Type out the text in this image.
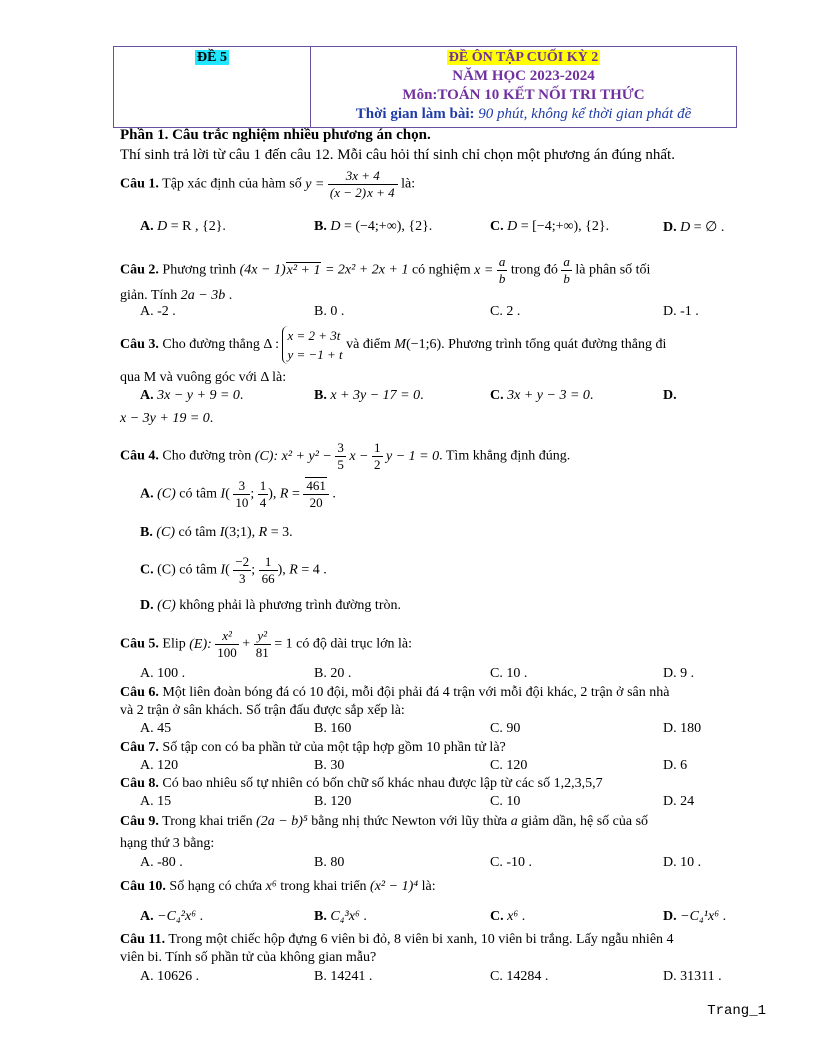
ĐỀ 5	ĐỀ ÔN TẬP CUỐI KỲ 2
NĂM HỌC 2023-2024
Môn:TOÁN 10 KẾT NỐI TRI THỨC
Thời gian làm bài: 90 phút, không kể thời gian phát đề
Phần 1. Câu trắc nghiệm nhiều phương án chọn.
Thí sinh trả lời từ câu 1 đến câu 12. Mỗi câu hỏi thí sinh chỉ chọn một phương án đúng nhất.
Câu 1. Tập xác định của hàm số $y = \frac{3x + 4}{(x - 2)x + 4}$ là:
A. D = R , {2}.	B. D = (−4;+∞), {2}.	C. D = [−4;+∞), {2}.	D. D = ∅ .
Câu 2. Phương trình (4x − 1)x² + 1 = 2x² + 2x + 1 có nghiệm $x = \frac{a}{b}$ trong đó $\frac{a}{b}$ là phân số tối
giản. Tính 2a − 3b .
A. -2 .	B. 0 .	C. 2 .	D. -1 .
Câu 3. Cho đường thẳng Δ : x = 2 + 3t
y = −1 + t và điểm M(−1;6). Phương trình tổng quát đường thẳng đi
qua M và vuông góc với Δ là:
A. 3x − y + 9 = 0.	B. x + 3y − 17 = 0.	C. 3x + y − 3 = 0.	D.
x − 3y + 19 = 0.
Câu 4. Cho đường tròn (C): $x^2 + y^2 - \frac{3}{5}$ $x - \frac{1}{2}$ y − 1 = 0. Tìm khẳng định đúng.
A. (C) có tâm $I( \frac{3}{10}$ ; $\frac{1}{4}$ ), $R = \frac{461}{20}$ .
B. (C) có tâm I(3;1), R = 3.
C. (C) có tâm $I( \frac{-2}{3}$ ; $\frac{1}{66}$ ), R = 4 .
D. (C) không phải là phương trình đường tròn.
Câu 5. Elip (E): $\frac{\text{x²}}{100} + \frac{\text{y²}}{81} = 1$ có độ dài trục lớn là:
A. 100 .	B. 20 .	C. 10 .	D. 9 .
Câu 6. Một liên đoàn bóng đá có 10 đội, mỗi đội phải đá 4 trận với mỗi đội khác, 2 trận ở sân nhà
và 2 trận ở sân khách. Số trận đấu được sắp xếp là:
A. 45	B. 160	C. 90	D. 180
Câu 7. Số tập con có ba phần tử của một tập hợp gồm 10 phần tử là?
A. 120	B. 30	C. 120	D. 6
Câu 8. Có bao nhiêu số tự nhiên có bốn chữ số khác nhau được lập từ các số 1,2,3,5,7
A. 15	B. 120	C. 10	D. 24
Câu 9. Trong khai triển (2a − b)⁵ bằng nhị thức Newton với lũy thừa a giảm dần, hệ số của số
hạng thứ 3 bằng:
A. -80 .	B. 80	C. -10 .	D. 10 .
Câu 10. Số hạng có chứa x⁶ trong khai triển (x² − 1)⁴ là:
A. −C₄²x⁶ .	B. C₄³x⁶ .	C. x⁶ .	D. −C₄¹x⁶ .
Câu 11. Trong một chiếc hộp đựng 6 viên bi đỏ, 8 viên bi xanh, 10 viên bi trắng. Lấy ngẫu nhiên 4
viên bi. Tính số phần tử của không gian mẫu?
A. 10626 .	B. 14241 .	C. 14284 .	D. 31311 .
Trang_1
